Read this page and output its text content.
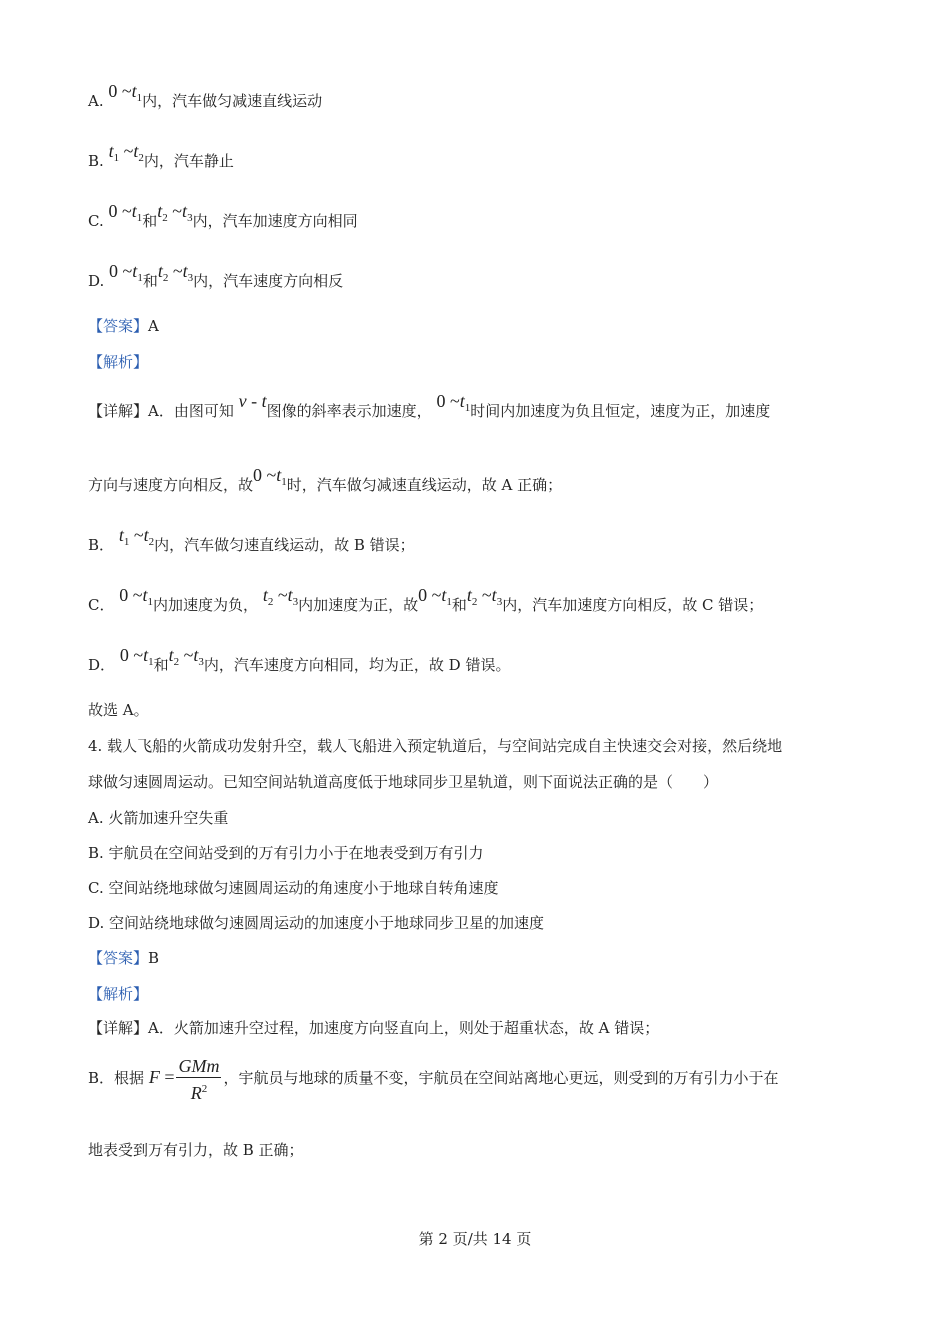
A. 0 $\sim t_1$内，汽车做匀减速直线运动
B. $t_1$ $\sim t_2$内，汽车静止
C. 0 $\sim t_1$和$t_2$ $\sim t_3$内，汽车加速度方向相同
D. 0 $\sim t_1$和$t_2$ $\sim t_3$内，汽车速度方向相反
【答案】A
【解析】
【详解】A．由图可知 v - t图像的斜率表示加速度， 0 $\sim t_1$时间内加速度为负且恒定，速度为正，加速度
方向与速度方向相反，故0 $\sim t_1$时，汽车做匀减速直线运动，故 A 正确；
B． $t_1$ $\sim t_2$内，汽车做匀速直线运动，故 B 错误；
C． 0 $\sim t_1$内加速度为负， $t_2$ $\sim t_3$内加速度为正，故0 $\sim t_1$和$t_2$ $\sim t_3$内，汽车加速度方向相反，故 C 错误；
D． 0 $\sim t_1$和$t_2$ $\sim t_3$内，汽车速度方向相同，均为正，故 D 错误。
故选 A。
4. 载人飞船的火箭成功发射升空，载人飞船进入预定轨道后，与空间站完成自主快速交会对接，然后绕地
球做匀速圆周运动。已知空间站轨道高度低于地球同步卫星轨道，则下面说法正确的是（　　）
A. 火箭加速升空失重
B. 宇航员在空间站受到的万有引力小于在地表受到万有引力
C. 空间站绕地球做匀速圆周运动的角速度小于地球自转角速度
D. 空间站绕地球做匀速圆周运动的加速度小于地球同步卫星的加速度
【答案】B
【解析】
【详解】A．火箭加速升空过程，加速度方向竖直向上，则处于超重状态，故 A 错误；
B．根据 $F = \frac{\text{GMm}}{R^2}$ ，宇航员与地球的质量不变，宇航员在空间站离地心更远，则受到的万有引力小于在
地表受到万有引力，故 B 正确；
第 2 页/共 14 页
